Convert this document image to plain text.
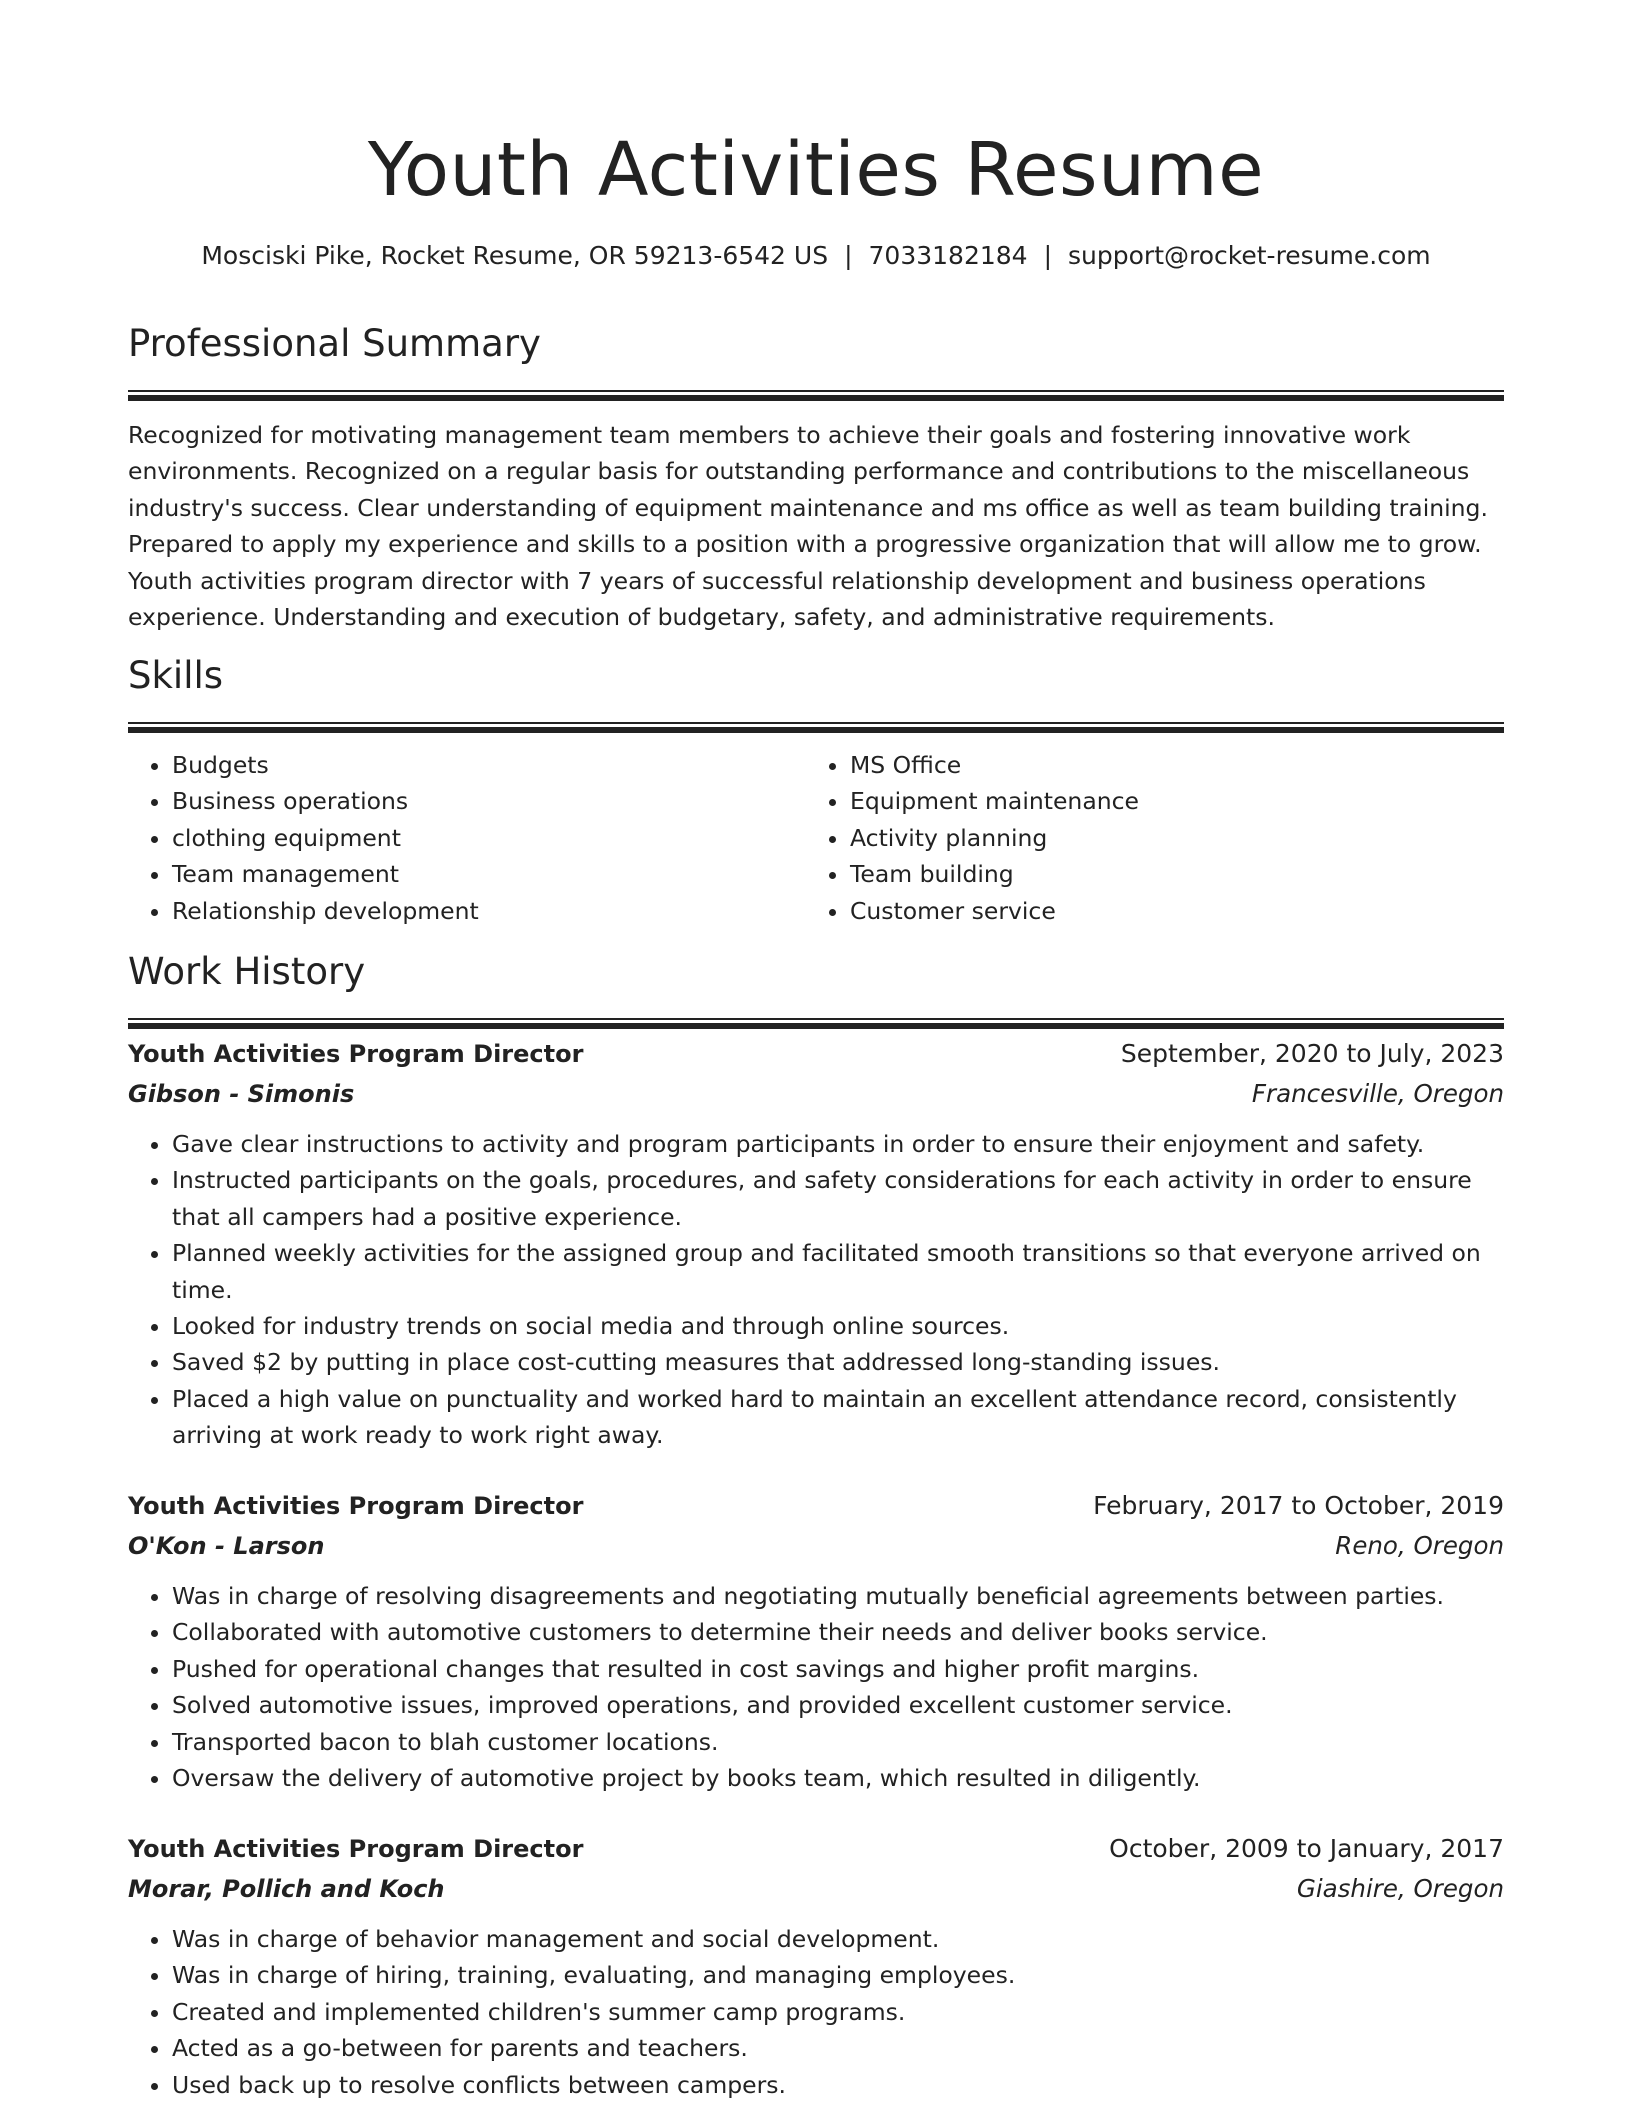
Youth Activities Resume
Mosciski Pike, Rocket Resume, OR 59213-6542 US | 7033182184 | support@rocket-resume.com
Professional Summary

Recognized for motivating management team members to achieve their goals and fostering innovative work environments. Recognized on a regular basis for outstanding performance and contributions to the miscellaneous industry's success. Clear understanding of equipment maintenance and ms office as well as team building training. Prepared to apply my experience and skills to a position with a progressive organization that will allow me to grow. Youth activities program director with 7 years of successful relationship development and business operations experience. Understanding and execution of budgetary, safety, and administrative requirements.

Skills
• Budgets
• Business operations
• clothing equipment
• Team management
• Relationship development
• MS Office
• Equipment maintenance
• Activity planning
• Team building
• Customer service
Work History
Youth Activities Program Director	September, 2020 to July, 2023
Gibson - Simonis	Francesville, Oregon
• Gave clear instructions to activity and program participants in order to ensure their enjoyment and safety.
• Instructed participants on the goals, procedures, and safety considerations for each activity in order to ensure that all campers had a positive experience.
• Planned weekly activities for the assigned group and facilitated smooth transitions so that everyone arrived on time.
• Looked for industry trends on social media and through online sources.
• Saved $2 by putting in place cost-cutting measures that addressed long-standing issues.
• Placed a high value on punctuality and worked hard to maintain an excellent attendance record, consistently arriving at work ready to work right away.
Youth Activities Program Director	February, 2017 to October, 2019
O'Kon - Larson	Reno, Oregon
• Was in charge of resolving disagreements and negotiating mutually beneficial agreements between parties.
• Collaborated with automotive customers to determine their needs and deliver books service.
• Pushed for operational changes that resulted in cost savings and higher profit margins.
• Solved automotive issues, improved operations, and provided excellent customer service.
• Transported bacon to blah customer locations.
• Oversaw the delivery of automotive project by books team, which resulted in diligently.
Youth Activities Program Director	October, 2009 to January, 2017
Morar, Pollich and Koch	Giashire, Oregon
• Was in charge of behavior management and social development.
• Was in charge of hiring, training, evaluating, and managing employees.
• Created and implemented children's summer camp programs.
• Acted as a go-between for parents and teachers.
• Used back up to resolve conflicts between campers.
